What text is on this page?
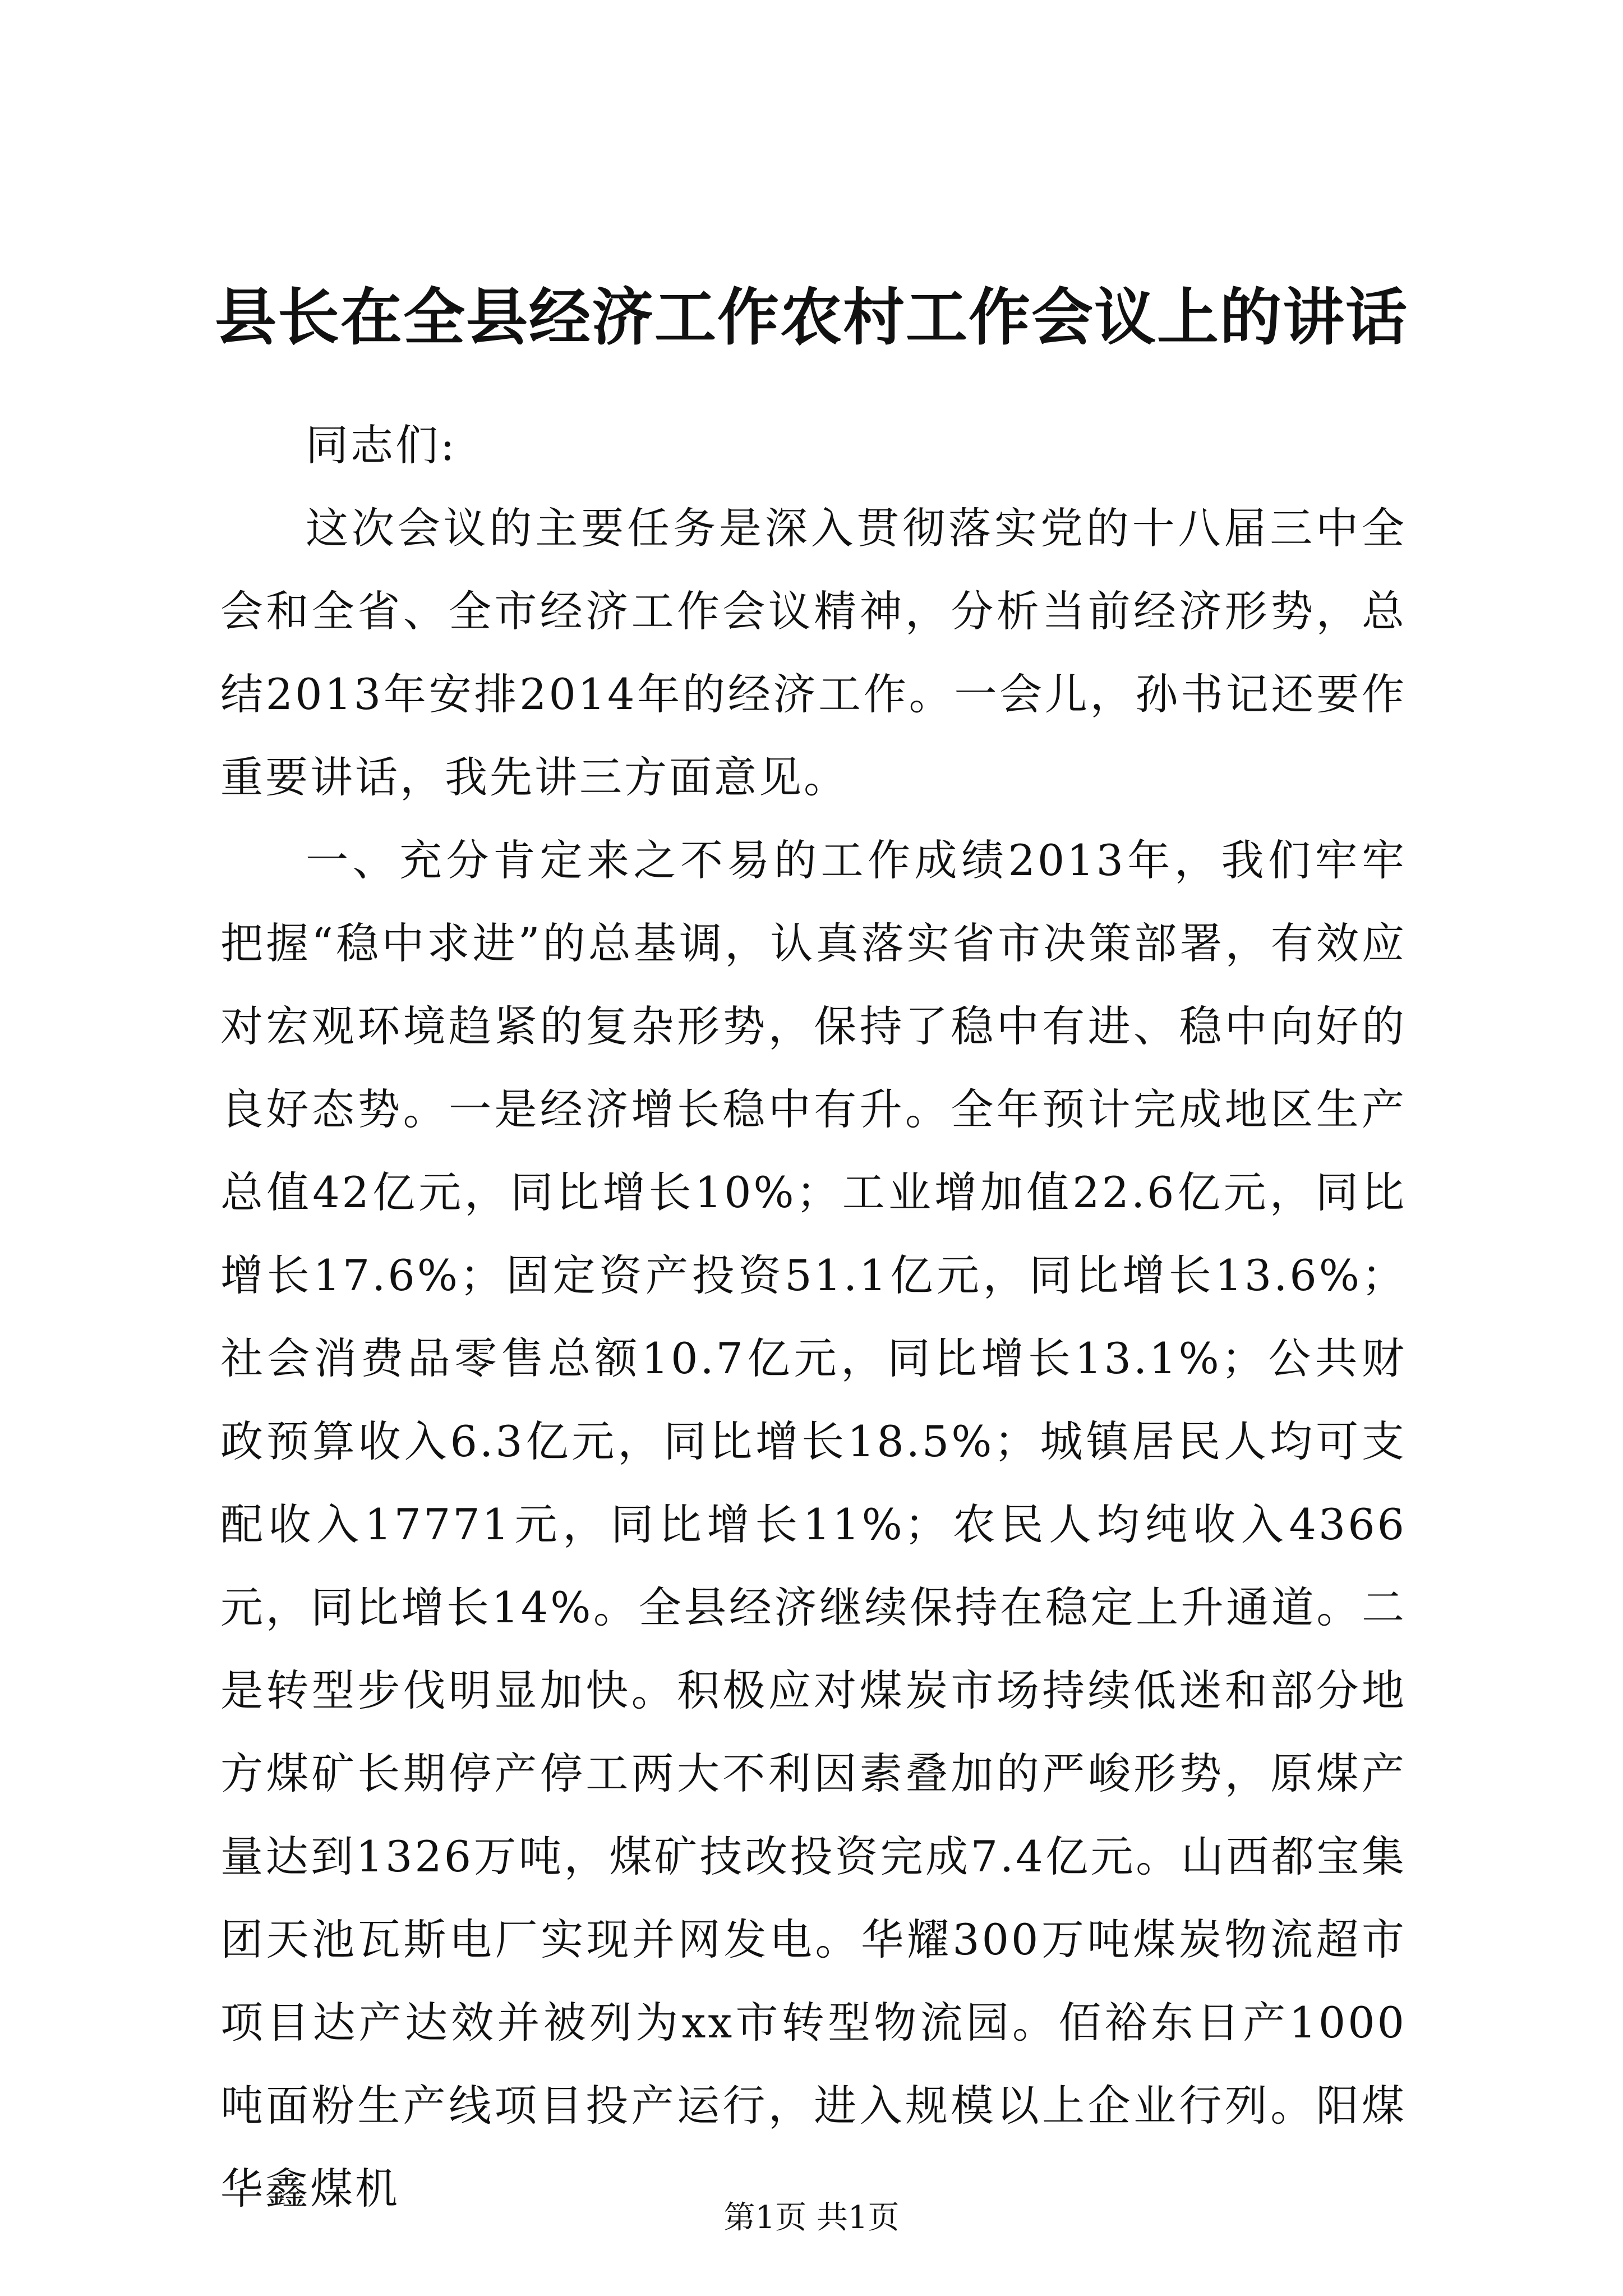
县长在全县经济工作农村工作会议上的讲话

同志们:

这次会议的主要任务是深入贯彻落实党的十八届三中全会和全省、全市经济工作会议精神，分析当前经济形势，总结2013年安排2014年的经济工作。一会儿，孙书记还要作重要讲话，我先讲三方面意见。

一、充分肯定来之不易的工作成绩2013年，我们牢牢把握“稳中求进”的总基调，认真落实省市决策部署，有效应对宏观环境趋紧的复杂形势，保持了稳中有进、稳中向好的良好态势。一是经济增长稳中有升。全年预计完成地区生产总值42亿元，同比增长10%；工业增加值22.6亿元，同比增长17.6%；固定资产投资51.1亿元，同比增长13.6%；社会消费品零售总额10.7亿元，同比增长13.1%；公共财政预算收入6.3亿元，同比增长18.5%；城镇居民人均可支配收入17771元，同比增长11%；农民人均纯收入4366元，同比增长14%。全县经济继续保持在稳定上升通道。二是转型步伐明显加快。积极应对煤炭市场持续低迷和部分地方煤矿长期停产停工两大不利因素叠加的严峻形势，原煤产量达到1326万吨，煤矿技改投资完成7.4亿元。山西都宝集团天池瓦斯电厂实现并网发电。华耀300万吨煤炭物流超市项目达产达效并被列为xx市转型物流园。佰裕东日产1000吨面粉生产线项目投产运行，进入规模以上企业行列。阳煤华鑫煤机

第1页 共1页
